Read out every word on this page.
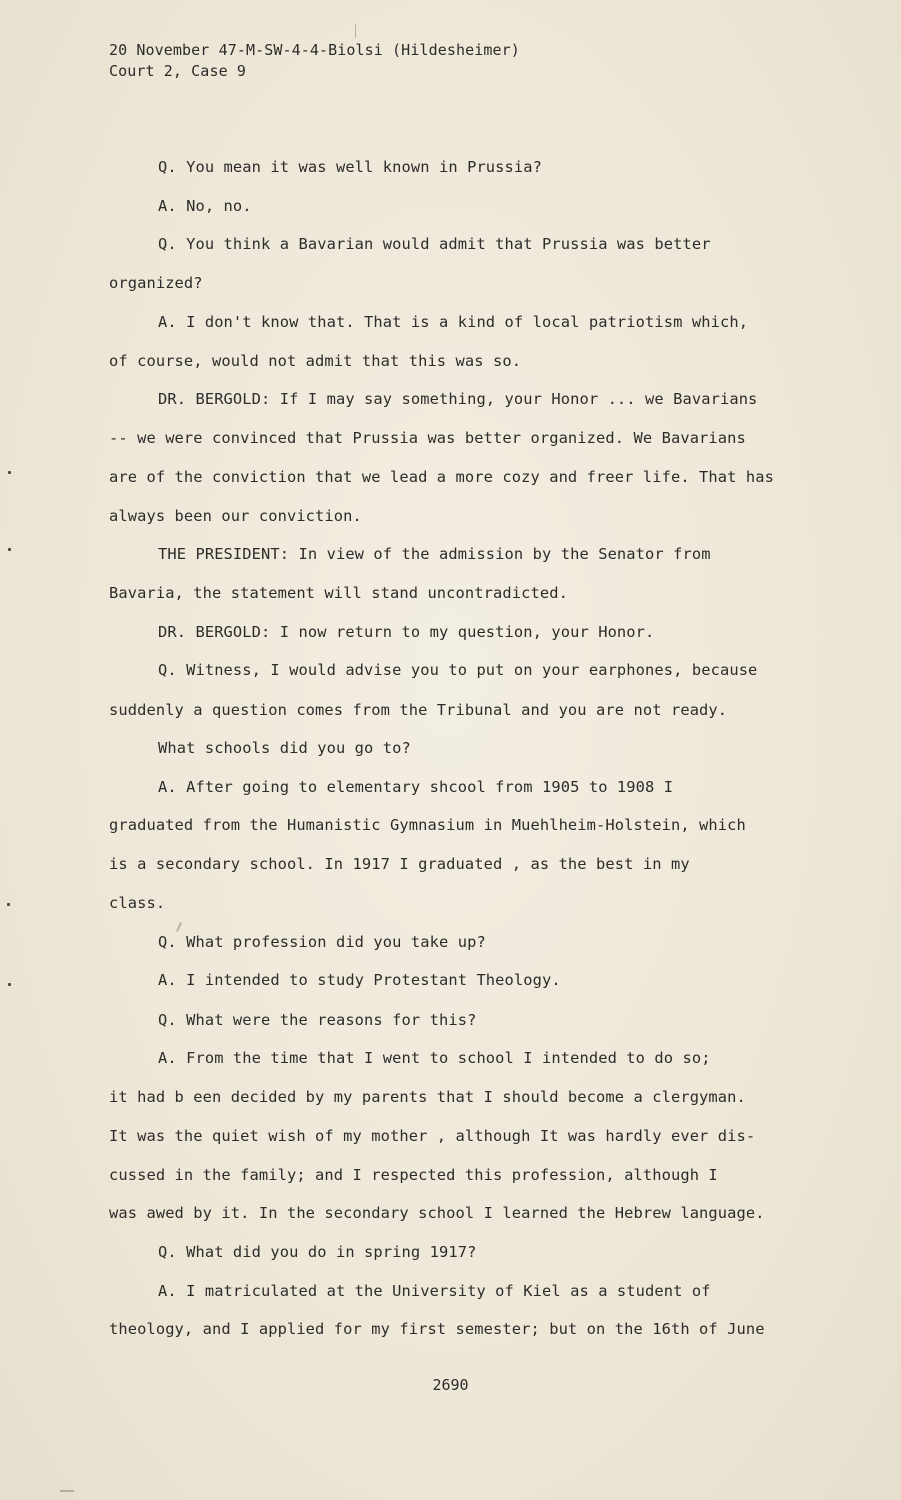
20 November 47-M-SW-4-4-Biolsi (Hildesheimer)
Court 2, Case 9
Q. You mean it was well known in Prussia?
A. No, no.
Q. You think a Bavarian would admit that Prussia was better
organized?
A. I don't know that. That is a kind of local patriotism which,
of course, would not admit that this was so.
DR. BERGOLD: If I may say something, your Honor ... we Bavarians
-- we were convinced that Prussia was better organized. We Bavarians
are of the conviction that we lead a more cozy and freer life. That has
always been our conviction.
THE PRESIDENT: In view of the admission by the Senator from
Bavaria, the statement will stand uncontradicted.
DR. BERGOLD: I now return to my question, your Honor.
Q. Witness, I would advise you to put on your earphones, because
suddenly a question comes from the Tribunal and you are not ready.
What schools did you go to?
A. After going to elementary shcool from 1905 to 1908 I
graduated from the Humanistic Gymnasium in Muehlheim-Holstein, which
is a secondary school. In 1917 I graduated , as the best in my
class.
Q. What profession did you take up?
A. I intended to study Protestant Theology.
Q. What were the reasons for this?
A. From the time that I went to school I intended to do so;
it had b een decided by my parents that I should become a clergyman.
It was the quiet wish of my mother , although It was hardly ever dis-
cussed in the family; and I respected this profession, although I
was awed by it. In the secondary school I learned the Hebrew language.
Q. What did you do in spring 1917?
A. I matriculated at the University of Kiel as a student of
theology, and I applied for my first semester; but on the 16th of June
2690
